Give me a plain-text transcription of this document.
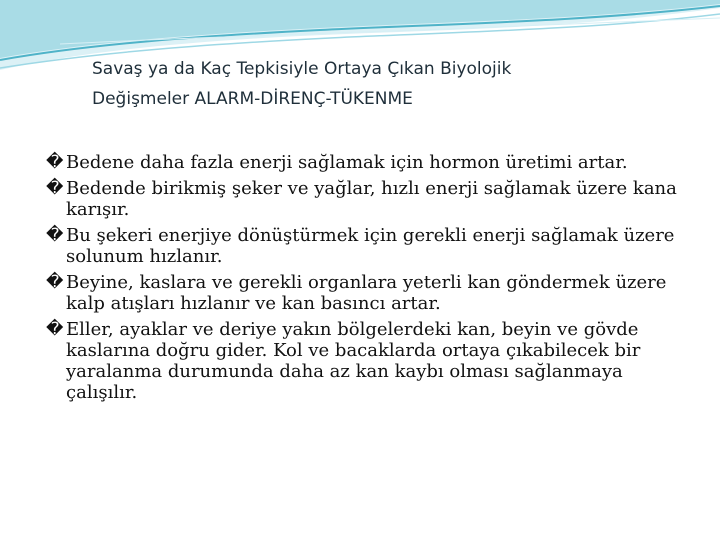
Savaş ya da Kaç Tepkisiyle Ortaya Çıkan Biyolojik
Değişmeler ALARM-DİRENÇ-TÜKENME
� Bedene daha fazla enerji sağlamak için hormon üretimi artar.
� Bedende birikmiş şeker ve yağlar, hızlı enerji sağlamak üzere kana karışır.
� Bu şekeri enerjiye dönüştürmek için gerekli enerji sağlamak üzere solunum hızlanır.
� Beyine, kaslara ve gerekli organlara yeterli kan göndermek üzere kalp atışları hızlanır ve kan basıncı artar.
� Eller, ayaklar ve deriye yakın bölgelerdeki kan, beyin ve gövde kaslarına doğru gider. Kol ve bacaklarda ortaya çıkabilecek bir yaralanma durumunda daha az kan kaybı olması sağlanmaya çalışılır.
